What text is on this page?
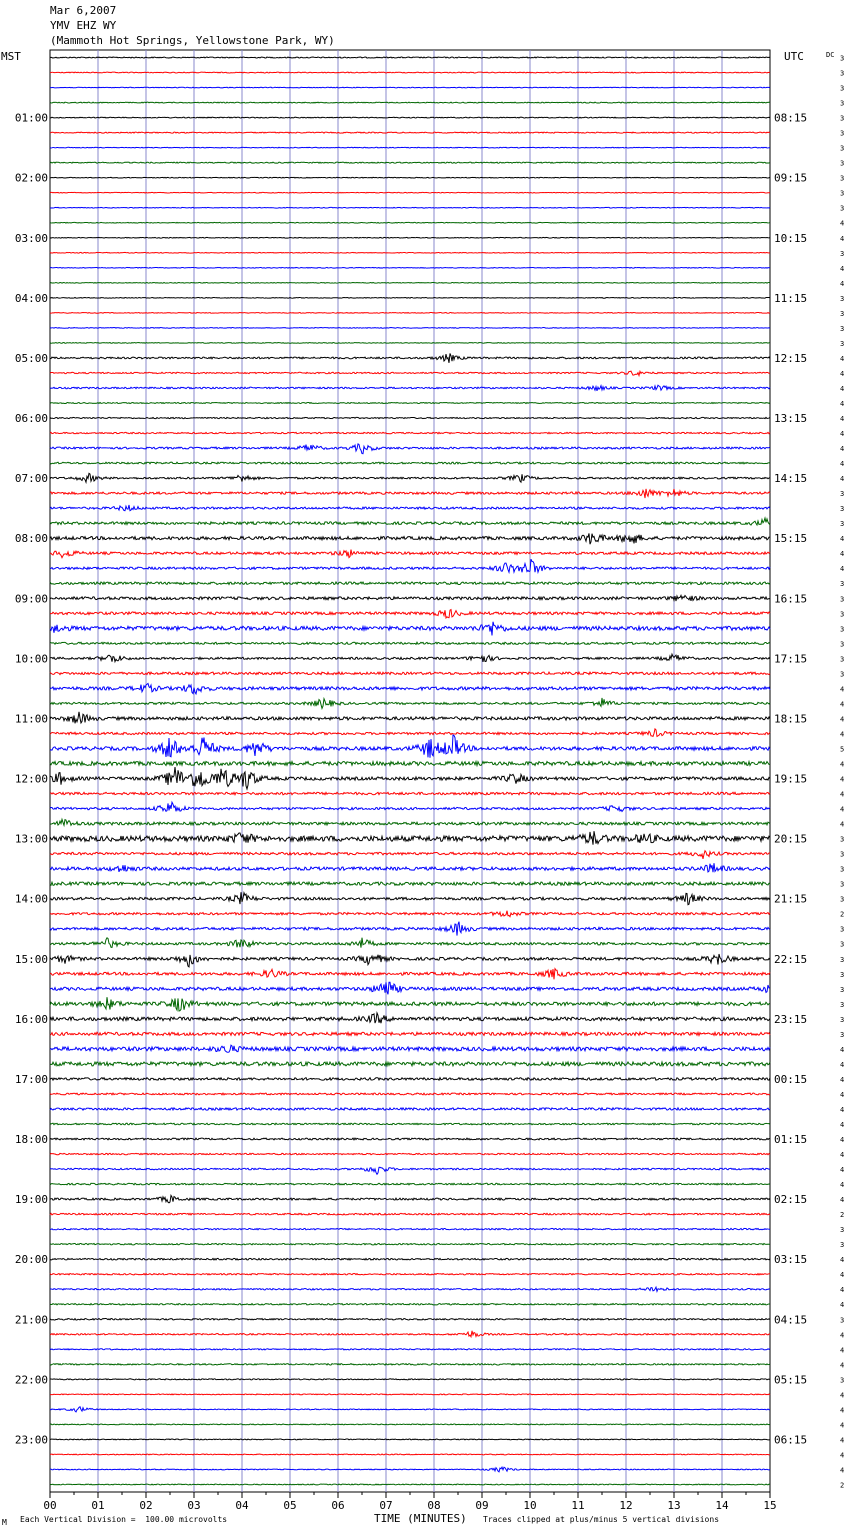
Mar 6,2007
YMV EHZ WY
(Mammoth Hot Springs, Yellowstone Park, WY)
MST	UTC	DC
01:00
02:00
03:00
04:00
05:00
06:00
07:00
08:00
09:00
10:00
11:00
12:00
13:00
14:00
15:00
16:00
17:00
18:00
19:00
20:00
21:00
22:00
23:00
08:15
09:15
10:15
11:15
12:15
13:15
14:15
15:15
16:15
17:15
18:15
19:15
20:15
21:15
22:15
23:15
00:15
01:15
02:15
03:15
04:15
05:15
06:15
3
3
3
3
3
3
3
3
3
3
3
4
4
3
4
4
3
3
3
3
4
4
4
4
4
4
4
4
4
3
3
3
4
4
4
3
3
3
3
3
3
3
4
4
4
4
5
4
4
4
4
4
3
3
3
3
3
2
3
3
3
3
3
3
3
3
4
4
4
4
4
4
4
4
4
4
4
2
3
3
4
4
4
4
3
4
4
4
3
4
4
4
4
4
4
2
00	01	02	03	04	05	06	07	08	09	10	11	12	13	14	15
M Each Vertical Division =  100.00 microvolts	TIME (MINUTES) Traces clipped at plus/minus 5 vertical divisions
